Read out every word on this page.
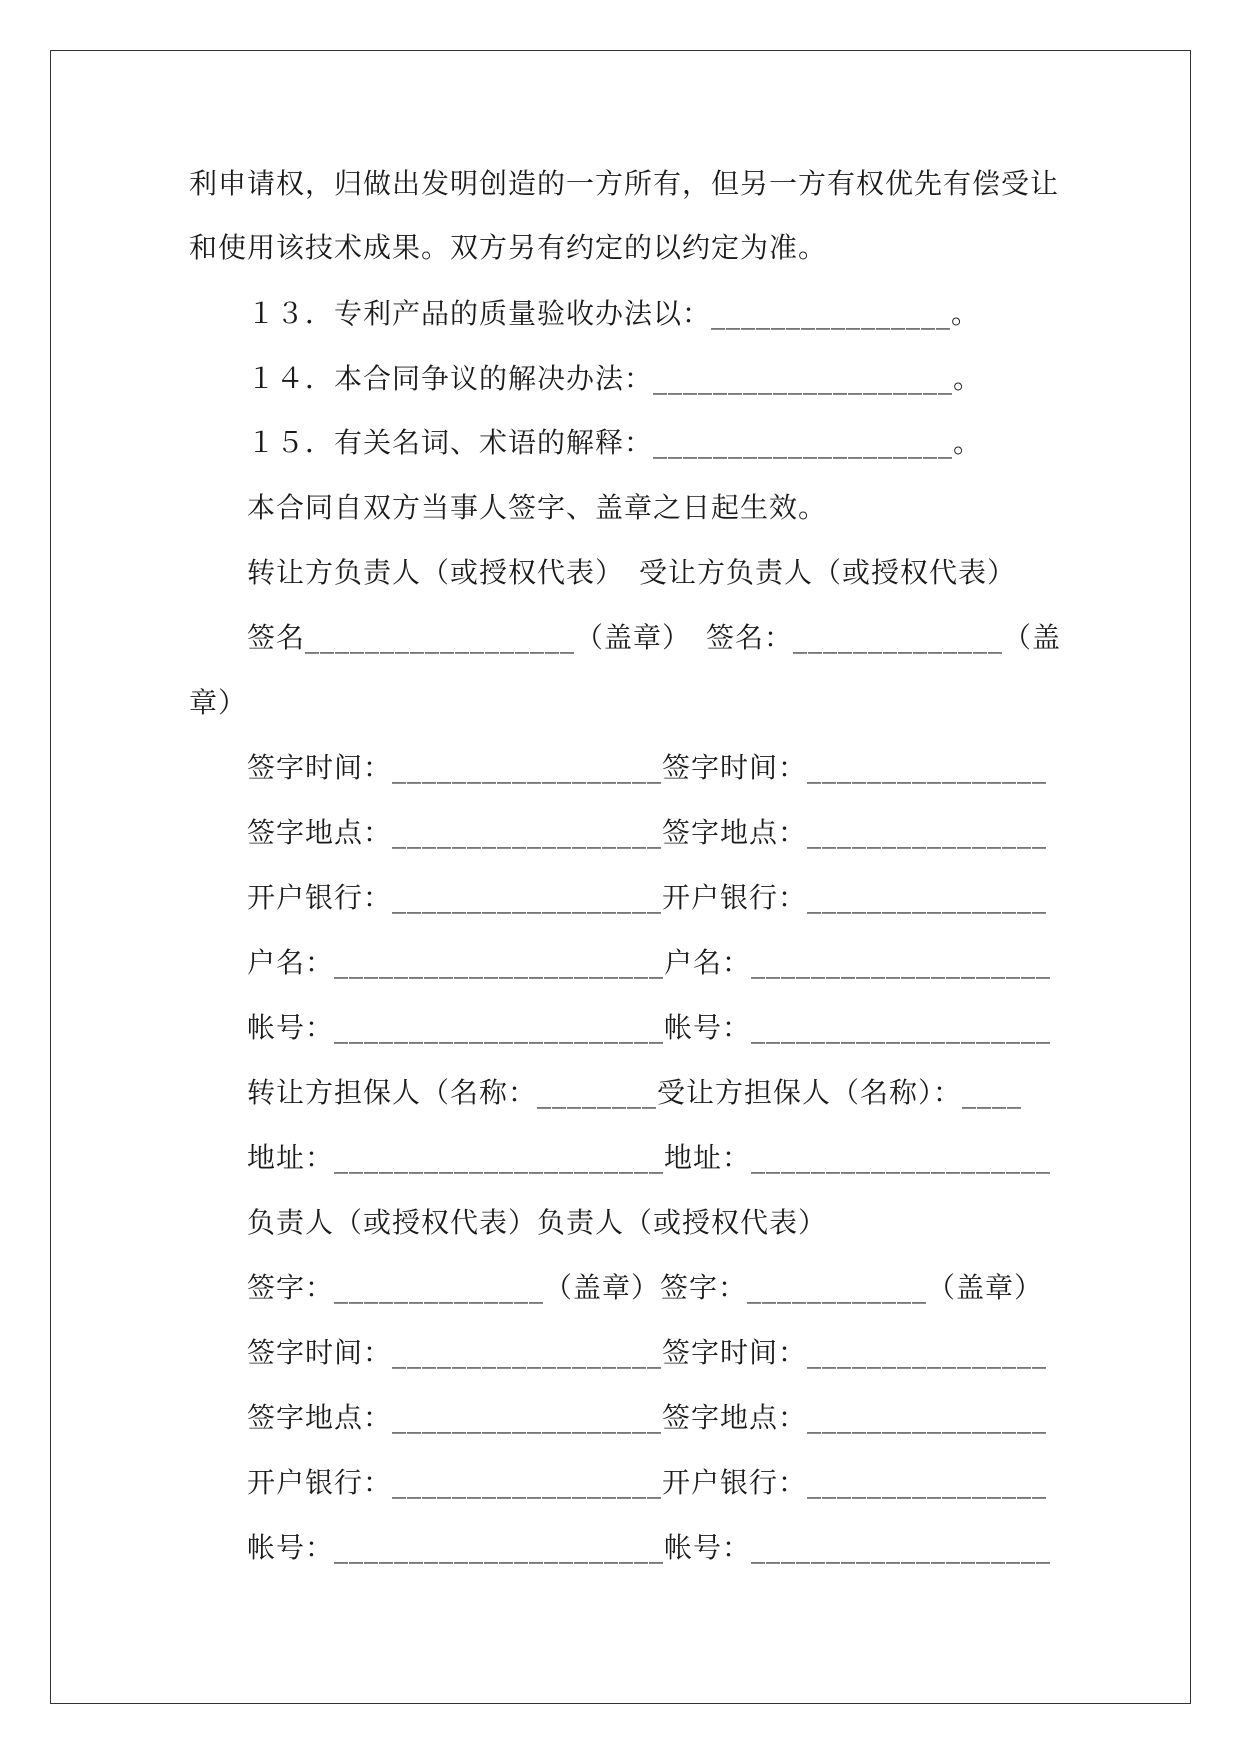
利申请权，归做出发明创造的一方所有，但另一方有权优先有偿受让
和使用该技术成果。双方另有约定的以约定为准。
１３．专利产品的质量验收办法以：________________。
１４．本合同争议的解决办法：____________________。
１５．有关名词、术语的解释：____________________。
本合同自双方当事人签字、盖章之日起生效。
转让方负责人（或授权代表）　受让方负责人（或授权代表）
签名__________________（盖章）　签名：______________（盖
章）
签字时间：__________________签字时间：________________
签字地点：__________________签字地点：________________
开户银行：__________________开户银行：________________
户名：______________________户名：____________________
帐号：______________________帐号：____________________
转让方担保人（名称：________受让方担保人（名称）：____
地址：______________________地址：____________________
负责人（或授权代表）负责人（或授权代表）
签字：______________（盖章）签字：____________（盖章）
签字时间：__________________签字时间：________________
签字地点：__________________签字地点：________________
开户银行：__________________开户银行：________________
帐号：______________________帐号：____________________
